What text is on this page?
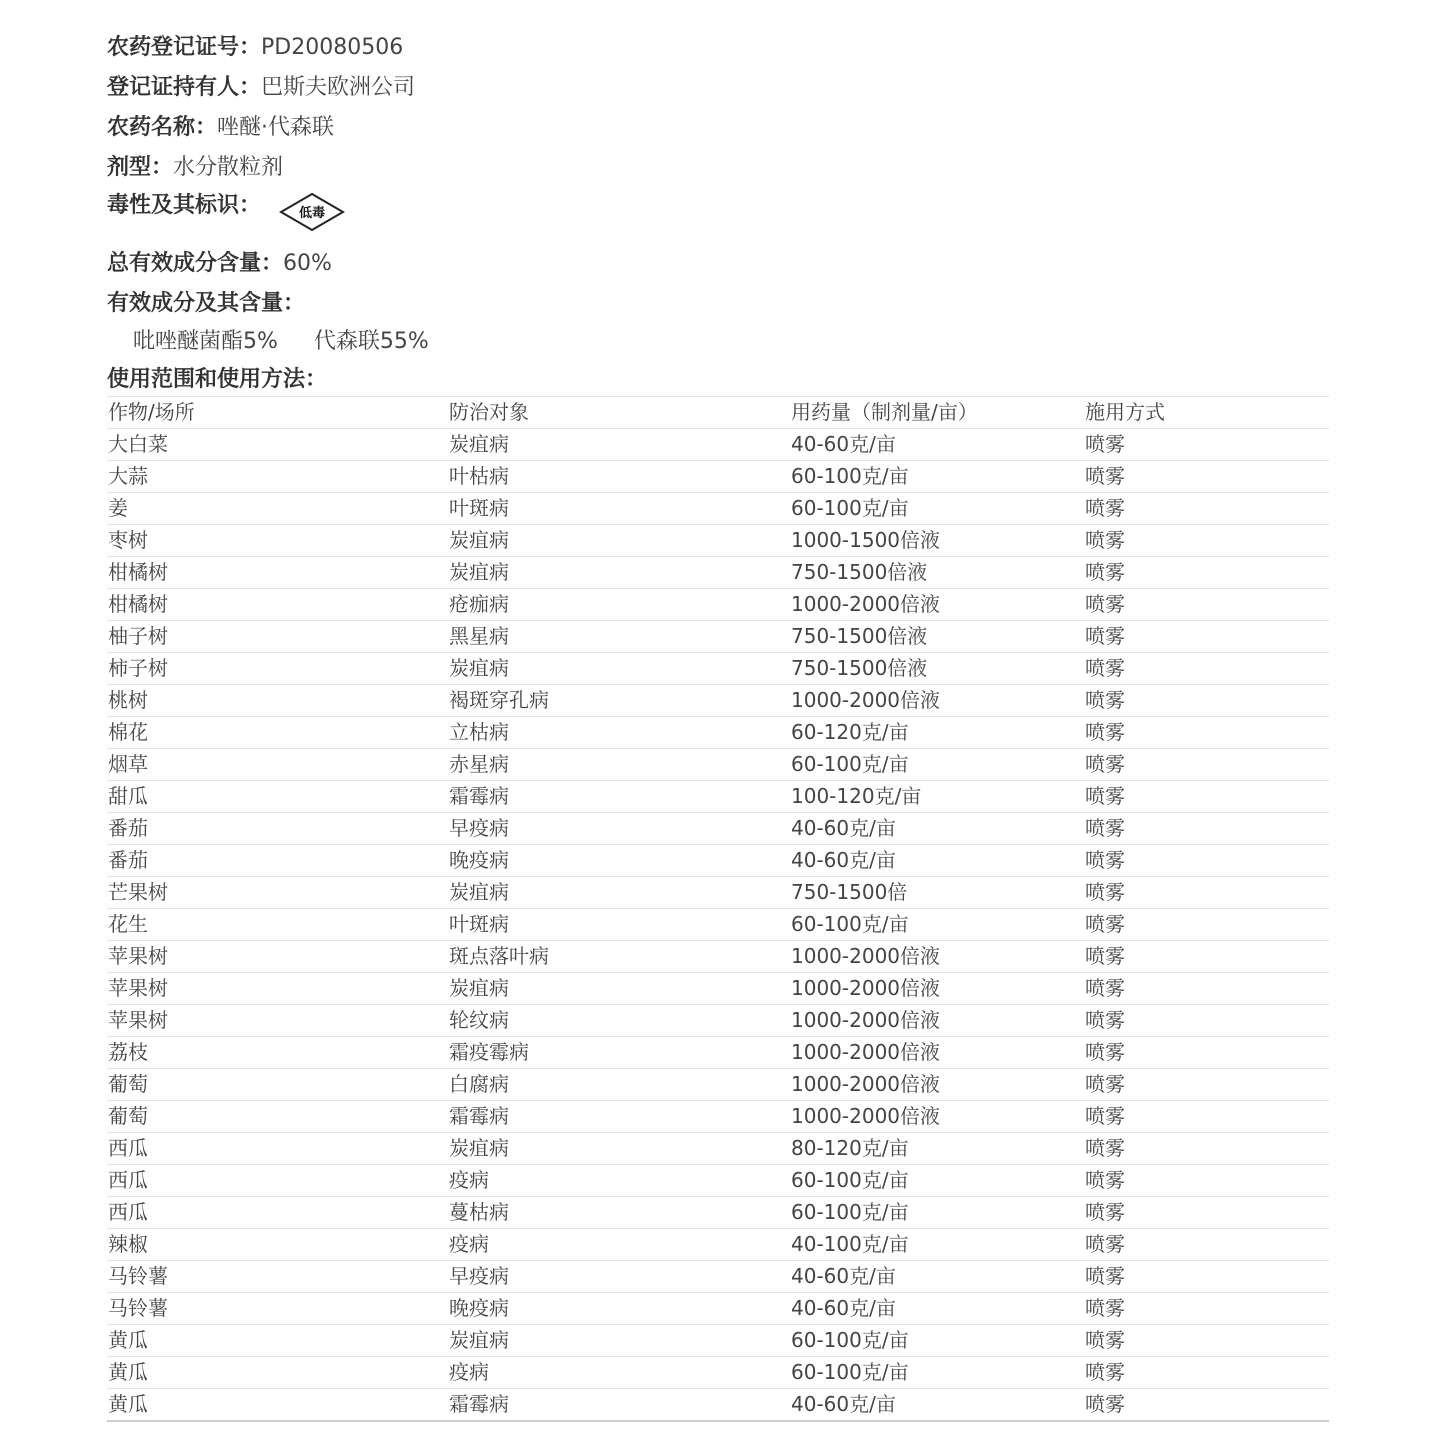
农药登记证号：PD20080506
登记证持有人：巴斯夫欧洲公司
农药名称：唑醚·代森联
剂型：水分散粒剂
毒性及其标识：	低毒
总有效成分含量：60%
有效成分及其含量：
吡唑醚菌酯5% 代森联55%
使用范围和使用方法：
作物/场所	防治对象	用药量（制剂量/亩）	施用方式
大白菜	炭疽病	40-60克/亩	喷雾
大蒜	叶枯病	60-100克/亩	喷雾
姜	叶斑病	60-100克/亩	喷雾
枣树	炭疽病	1000-1500倍液	喷雾
柑橘树	炭疽病	750-1500倍液	喷雾
柑橘树	疮痂病	1000-2000倍液	喷雾
柚子树	黑星病	750-1500倍液	喷雾
柿子树	炭疽病	750-1500倍液	喷雾
桃树	褐斑穿孔病	1000-2000倍液	喷雾
棉花	立枯病	60-120克/亩	喷雾
烟草	赤星病	60-100克/亩	喷雾
甜瓜	霜霉病	100-120克/亩	喷雾
番茄	早疫病	40-60克/亩	喷雾
番茄	晚疫病	40-60克/亩	喷雾
芒果树	炭疽病	750-1500倍	喷雾
花生	叶斑病	60-100克/亩	喷雾
苹果树	斑点落叶病	1000-2000倍液	喷雾
苹果树	炭疽病	1000-2000倍液	喷雾
苹果树	轮纹病	1000-2000倍液	喷雾
荔枝	霜疫霉病	1000-2000倍液	喷雾
葡萄	白腐病	1000-2000倍液	喷雾
葡萄	霜霉病	1000-2000倍液	喷雾
西瓜	炭疽病	80-120克/亩	喷雾
西瓜	疫病	60-100克/亩	喷雾
西瓜	蔓枯病	60-100克/亩	喷雾
辣椒	疫病	40-100克/亩	喷雾
马铃薯	早疫病	40-60克/亩	喷雾
马铃薯	晚疫病	40-60克/亩	喷雾
黄瓜	炭疽病	60-100克/亩	喷雾
黄瓜	疫病	60-100克/亩	喷雾
黄瓜	霜霉病	40-60克/亩	喷雾
